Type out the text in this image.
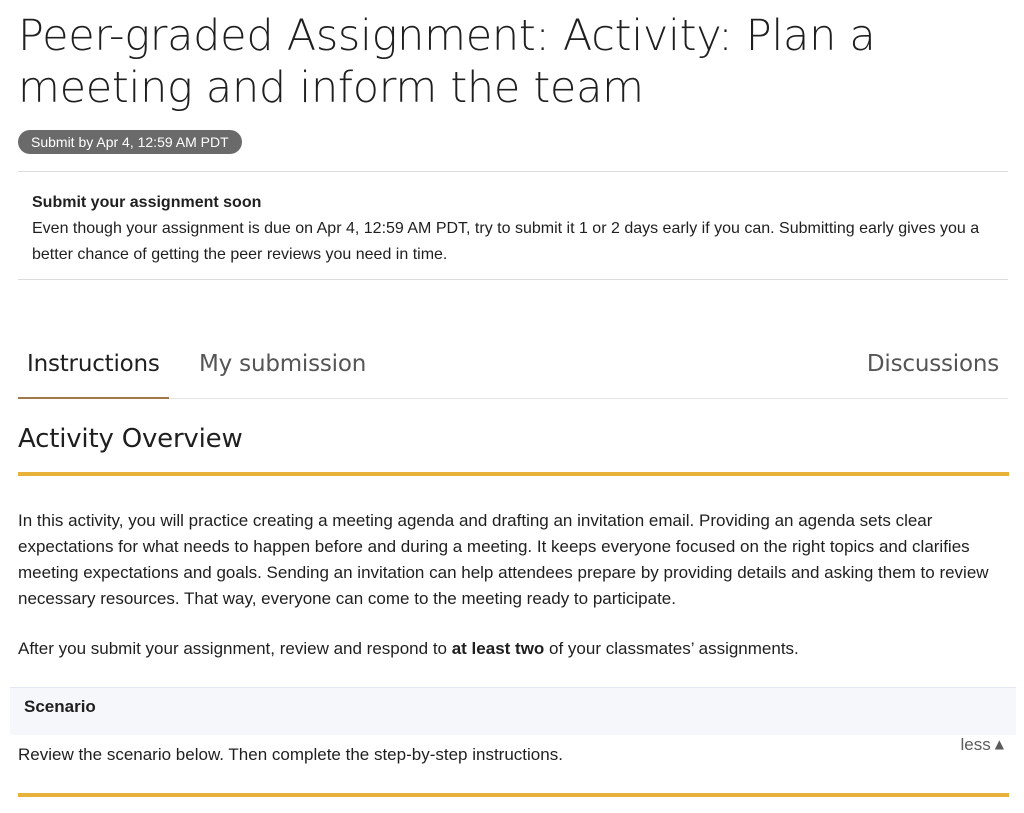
Peer-graded Assignment: Activity: Plan a meeting and inform the team
Submit by Apr 4, 12:59 AM PDT
Submit your assignment soon
Even though your assignment is due on Apr 4, 12:59 AM PDT, try to submit it 1 or 2 days early if you can. Submitting early gives you a better chance of getting the peer reviews you need in time.
Instructions My submission	Discussions
Activity Overview

In this activity, you will practice creating a meeting agenda and drafting an invitation email. Providing an agenda sets clear expectations for what needs to happen before and during a meeting. It keeps everyone focused on the right topics and clarifies meeting expectations and goals. Sending an invitation can help attendees prepare by providing details and asking them to review necessary resources. That way, everyone can come to the meeting ready to participate.

After you submit your assignment, review and respond to at least two of your classmates’ assignments.

Scenario

Review the scenario below. Then complete the step-by-step instructions.

less ▲
